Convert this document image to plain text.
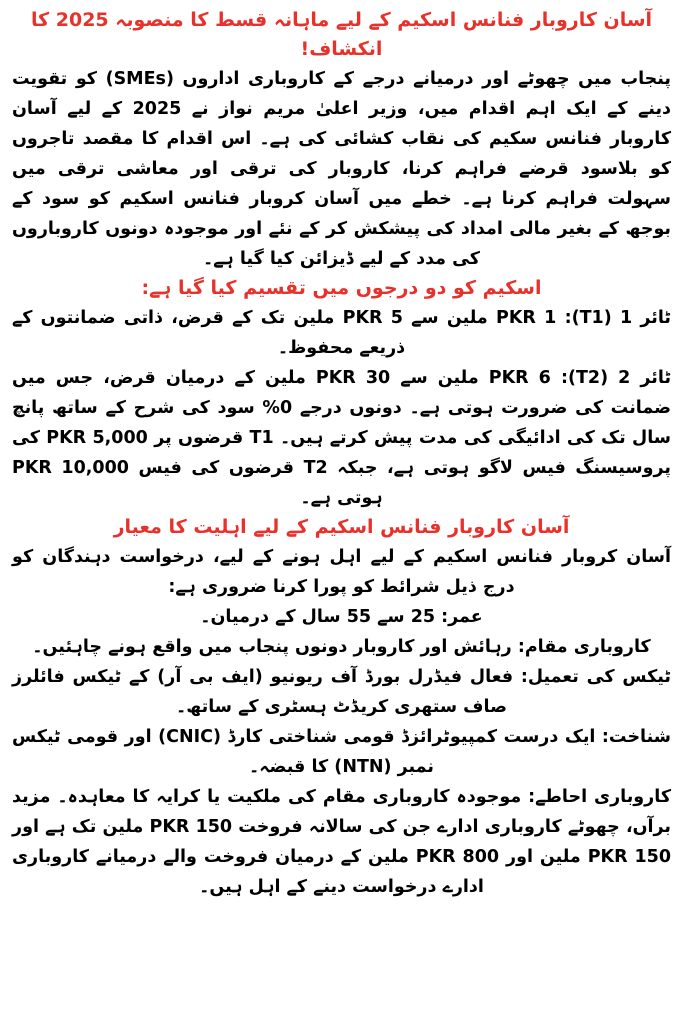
آسان کاروبار فنانس اسکیم کے لیے ماہانہ قسط کا منصوبہ 2025 کا انکشاف!

پنجاب میں چھوٹے اور درمیانے درجے کے کاروباری اداروں (SMEs) کو تقویت دینے کے ایک اہم اقدام میں، وزیر اعلیٰ مریم نواز نے 2025 کے لیے آسان کاروبار فنانس سکیم کی نقاب کشائی کی ہے۔ اس اقدام کا مقصد تاجروں کو بلاسود قرضے فراہم کرنا، کاروبار کی ترقی اور معاشی ترقی میں سہولت فراہم کرنا ہے۔ خطے میں آسان کروبار فنانس اسکیم کو سود کے بوجھ کے بغیر مالی امداد کی پیشکش کر کے نئے اور موجودہ دونوں کاروباروں کی مدد کے لیے ڈیزائن کیا گیا ہے۔

اسکیم کو دو درجوں میں تقسیم کیا گیا ہے:

ٹائر 1 (T1): PKR 1 ملین سے PKR 5 ملین تک کے قرض، ذاتی ضمانتوں کے ذریعے محفوظ۔

ٹائر 2 (T2): PKR 6 ملین سے PKR 30 ملین کے درمیان قرض، جس میں ضمانت کی ضرورت ہوتی ہے۔ دونوں درجے 0% سود کی شرح کے ساتھ پانچ سال تک کی ادائیگی کی مدت پیش کرتے ہیں۔ T1 قرضوں پر PKR 5,000 کی پروسیسنگ فیس لاگو ہوتی ہے، جبکہ T2 قرضوں کی فیس PKR 10,000 ہوتی ہے۔

آسان کاروبار فنانس اسکیم کے لیے اہلیت کا معیار

آسان کروبار فنانس اسکیم کے لیے اہل ہونے کے لیے، درخواست دہندگان کو درج ذیل شرائط کو پورا کرنا ضروری ہے:

عمر: 25 سے 55 سال کے درمیان۔

کاروباری مقام: رہائش اور کاروبار دونوں پنجاب میں واقع ہونے چاہئیں۔

ٹیکس کی تعمیل: فعال فیڈرل بورڈ آف ریونیو (ایف بی آر) کے ٹیکس فائلرز صاف ستھری کریڈٹ ہسٹری کے ساتھ۔

شناخت: ایک درست کمپیوٹرائزڈ قومی شناختی کارڈ (CNIC) اور قومی ٹیکس نمبر (NTN) کا قبضہ۔

کاروباری احاطے: موجودہ کاروباری مقام کی ملکیت یا کرایہ کا معاہدہ۔ مزید برآں، چھوٹے کاروباری ادارے جن کی سالانہ فروخت PKR 150 ملین تک ہے اور PKR 150 ملین اور PKR 800 ملین کے درمیان فروخت والے درمیانے کاروباری ادارے درخواست دینے کے اہل ہیں۔
